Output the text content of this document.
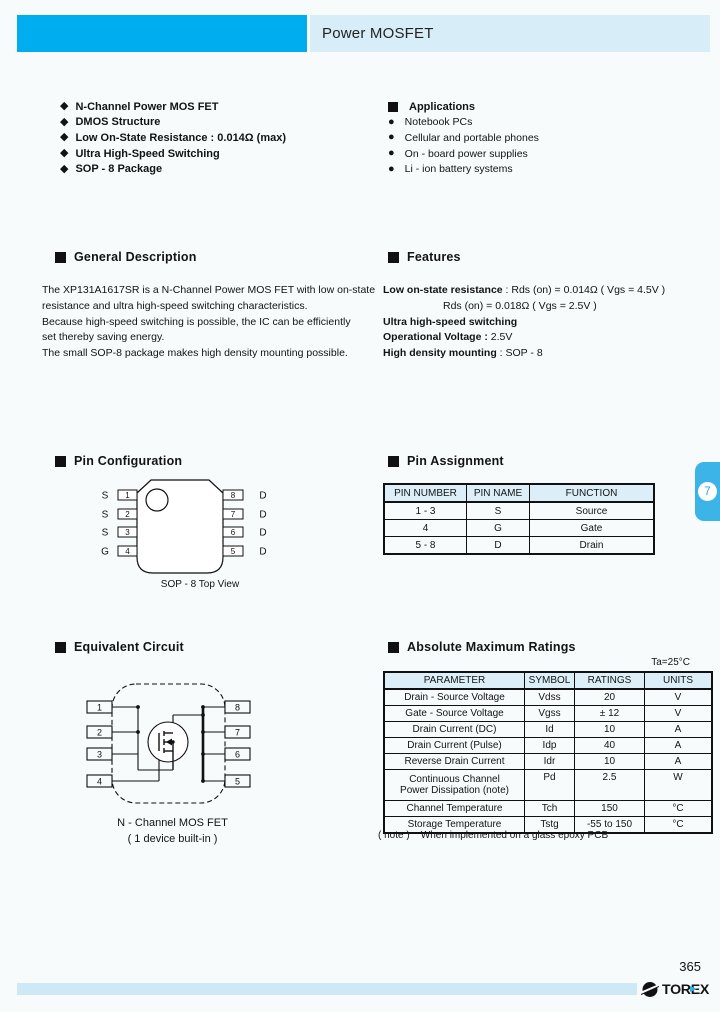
Power MOSFET
◆ N-Channel Power MOS FET
◆ DMOS Structure
◆ Low On-State Resistance : 0.014Ω (max)
◆ Ultra High-Speed Switching
◆ SOP - 8 Package
Applications
● Notebook PCs
● Cellular and portable phones
● On - board power supplies
● Li - ion battery systems
General Description
The XP131A1617SR is a N-Channel Power MOS FET with low on-state
resistance and ultra high-speed switching characteristics.
Because high-speed switching is possible, the IC can be efficiently
set thereby saving energy.
The small SOP-8 package makes high density mounting possible.
Features
Low on-state resistance : Rds (on) = 0.014Ω ( Vgs = 4.5V )
Rds (on) = 0.018Ω ( Vgs = 2.5V )
Ultra high-speed switching
Operational Voltage : 2.5V
High density mounting : SOP - 8
Pin Configuration
1
2
3
4
S
S
S
G
8
7
6
5
D
D
D
D
SOP - 8 Top View
Pin Assignment
PIN NUMBER	PIN NAME	FUNCTION
1 - 3	S	Source
4	G	Gate
5 - 8	D	Drain
Equivalent Circuit
1
2
3
4
8
7
6
5
N - Channel MOS FET
( 1 device built-in )
Absolute Maximum Ratings
Ta=25°C
PARAMETER	SYMBOL	RATINGS	UNITS
Drain - Source Voltage	Vdss	20	V
Gate - Source Voltage	Vgss	± 12	V
Drain Current (DC)	Id	10	A
Drain Current (Pulse)	Idp	40	A
Reverse Drain Current	Idr	10	A

Continuous Channel
Power Dissipation (note)	Pd	2.5	W
Channel Temperature	Tch	150	°C
Storage Temperature	Tstg	-55 to 150	°C
( note )    When implemented on a glass epoxy PCB
7
365
TOREX
